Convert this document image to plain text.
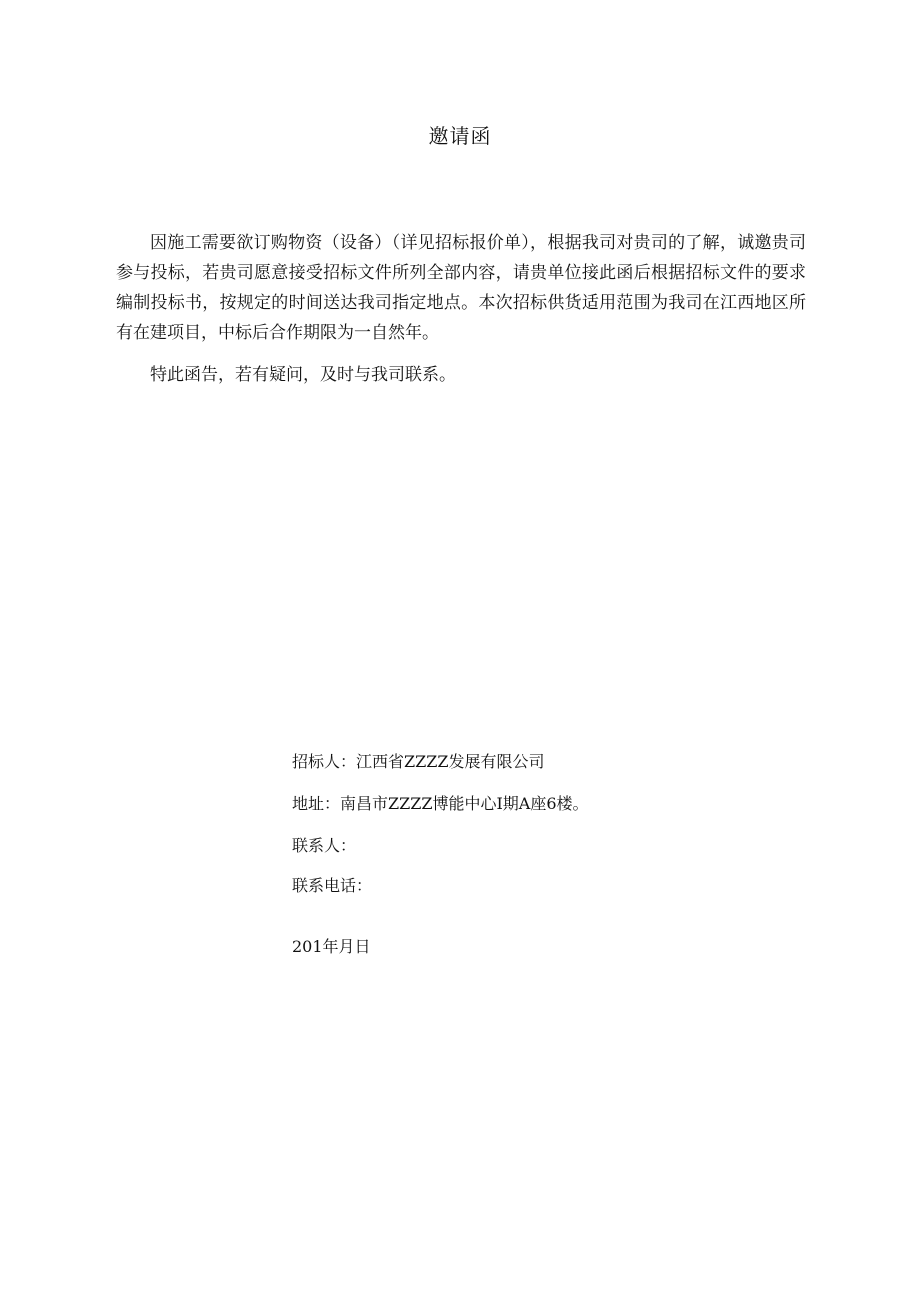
邀请函

因施工需要欲订购物资（设备）（详见招标报价单），根据我司对贵司的了解，诚邀贵司参与投标，若贵司愿意接受招标文件所列全部内容，请贵单位接此函后根据招标文件的要求编制投标书，按规定的时间送达我司指定地点。本次招标供货适用范围为我司在江西地区所有在建项目，中标后合作期限为一自然年。

特此函告，若有疑问，及时与我司联系。

招标人：江西省ZZZZ发展有限公司
地址：南昌市ZZZZ博能中心I期A座6楼。
联系人：
联系电话：
201年月日
